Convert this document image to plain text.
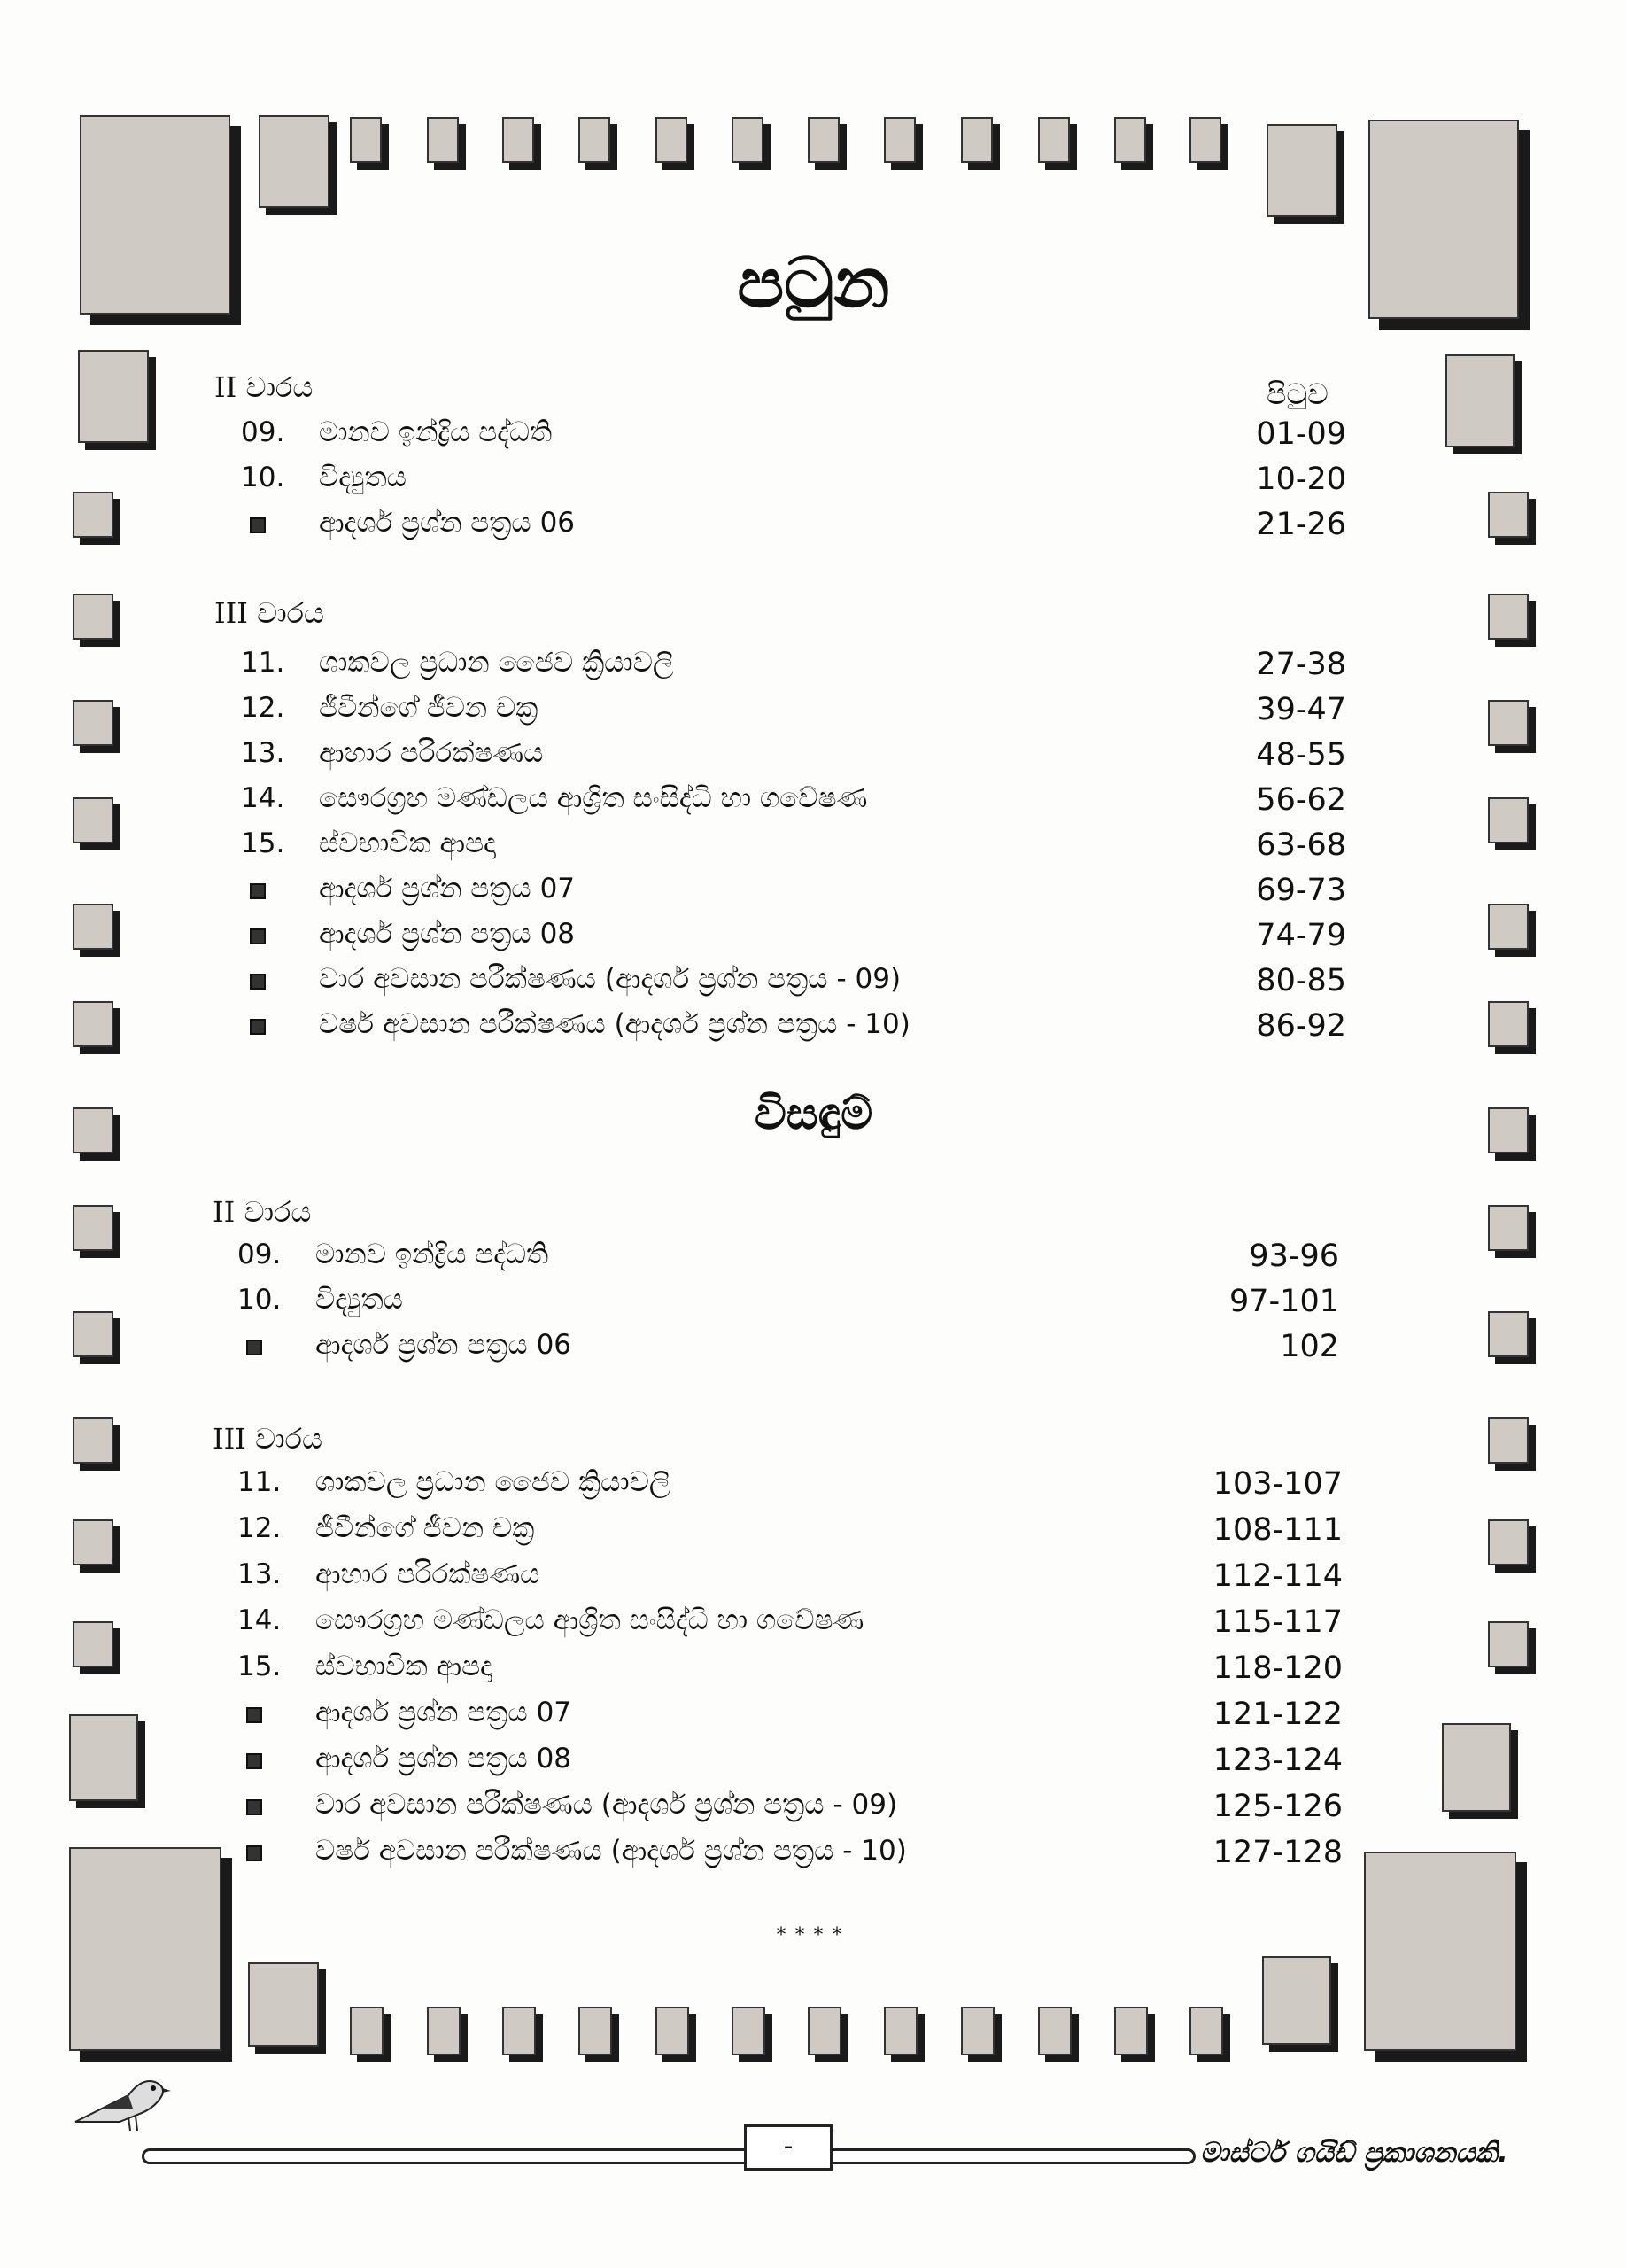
පටුන
පිටුව
II වාරය
09. මානව ඉන්ද්‍රිය පද්ධති	01-09
10. විද්‍යුතය	10-20
ආදර්ශ ප්‍රශ්න පත්‍රය 06	21-26
III වාරය
11. ශාකවල ප්‍රධාන ජෛව ක්‍රියාවලි	27-38
12. ජීවීන්ගේ ජීවන චක්‍ර	39-47
13. ආහාර පරිරක්ෂණය	48-55
14. සෞරග්‍රහ මණ්ඩලය ආශ්‍රිත සංසිද්ධි හා ගවේෂණ	56-62
15. ස්වභාවික ආපදා	63-68
ආදර්ශ ප්‍රශ්න පත්‍රය 07	69-73
ආදර්ශ ප්‍රශ්න පත්‍රය 08	74-79
වාර අවසාන පරීක්ෂණය (ආදර්ශ ප්‍රශ්න පත්‍රය - 09)	80-85
වර්ෂ අවසාන පරීක්ෂණය (ආදර්ශ ප්‍රශ්න පත්‍රය - 10)	86-92
විසඳුම්
II වාරය
09. මානව ඉන්ද්‍රිය පද්ධති	93-96
10. විද්‍යුතය	97-101
ආදර්ශ ප්‍රශ්න පත්‍රය 06	102
III වාරය
11. ශාකවල ප්‍රධාන ජෛව ක්‍රියාවලි	103-107
12. ජීවීන්ගේ ජීවන චක්‍ර	108-111
13. ආහාර පරිරක්ෂණය	112-114
14. සෞරග්‍රහ මණ්ඩලය ආශ්‍රිත සංසිද්ධි හා ගවේෂණ	115-117
15. ස්වභාවික ආපදා	118-120
ආදර්ශ ප්‍රශ්න පත්‍රය 07	121-122
ආදර්ශ ප්‍රශ්න පත්‍රය 08	123-124
වාර අවසාන පරීක්ෂණය (ආදර්ශ ප්‍රශ්න පත්‍රය - 09)	125-126
වර්ෂ අවසාන පරීක්ෂණය (ආදර්ශ ප්‍රශ්න පත්‍රය - 10)	127-128
****
-	මාස්ටර් ගයිඩ් ප්‍රකාශනයකි.
